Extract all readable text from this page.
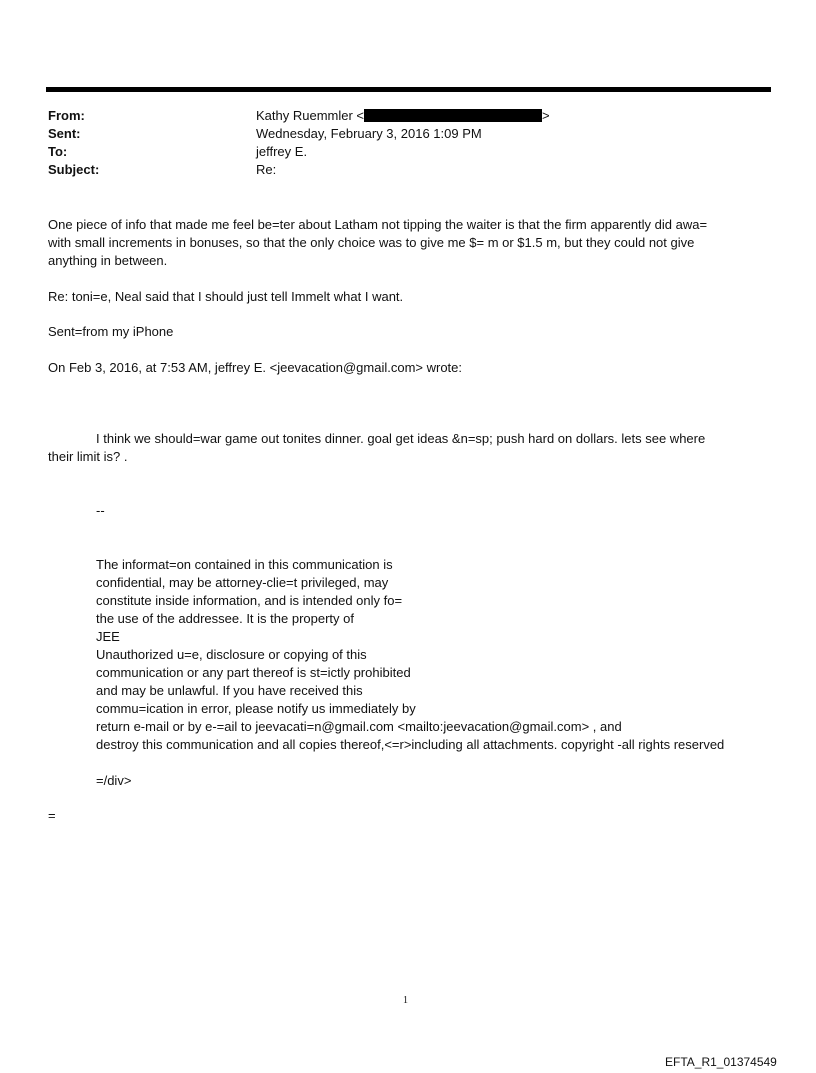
From:	Kathy Ruemmler <	>
Sent:	Wednesday, February 3, 2016 1:09 PM
To:	jeffrey E.
Subject:	Re:
One piece of info that made me feel be=ter about Latham not tipping the waiter is that the firm apparently did awa=
with small increments in bonuses, so that the only choice was to give me $= m or $1.5 m, but they could not give
anything in between.
Re: toni=e, Neal said that I should just tell Immelt what I want.
Sent=from my iPhone
On Feb 3, 2016, at 7:53 AM, jeffrey E. <jeevacation@gmail.com> wrote:
I think we should=war game out tonites dinner. goal get ideas &n=sp; push hard on dollars. lets see where
their limit is? .
--
The informat=on contained in this communication is
confidential, may be attorney-clie=t privileged, may
constitute inside information, and is intended only fo=
the use of the addressee. It is the property of
JEE
Unauthorized u=e, disclosure or copying of this
communication or any part thereof is st=ictly prohibited
and may be unlawful. If you have received this
commu=ication in error, please notify us immediately by
return e-mail or by e-=ail to jeevacati=n@gmail.com <mailto:jeevacation@gmail.com> , and
destroy this communication and all copies thereof,<=r>including all attachments. copyright -all rights reserved
=/div>
=
1
EFTA_R1_01374549
